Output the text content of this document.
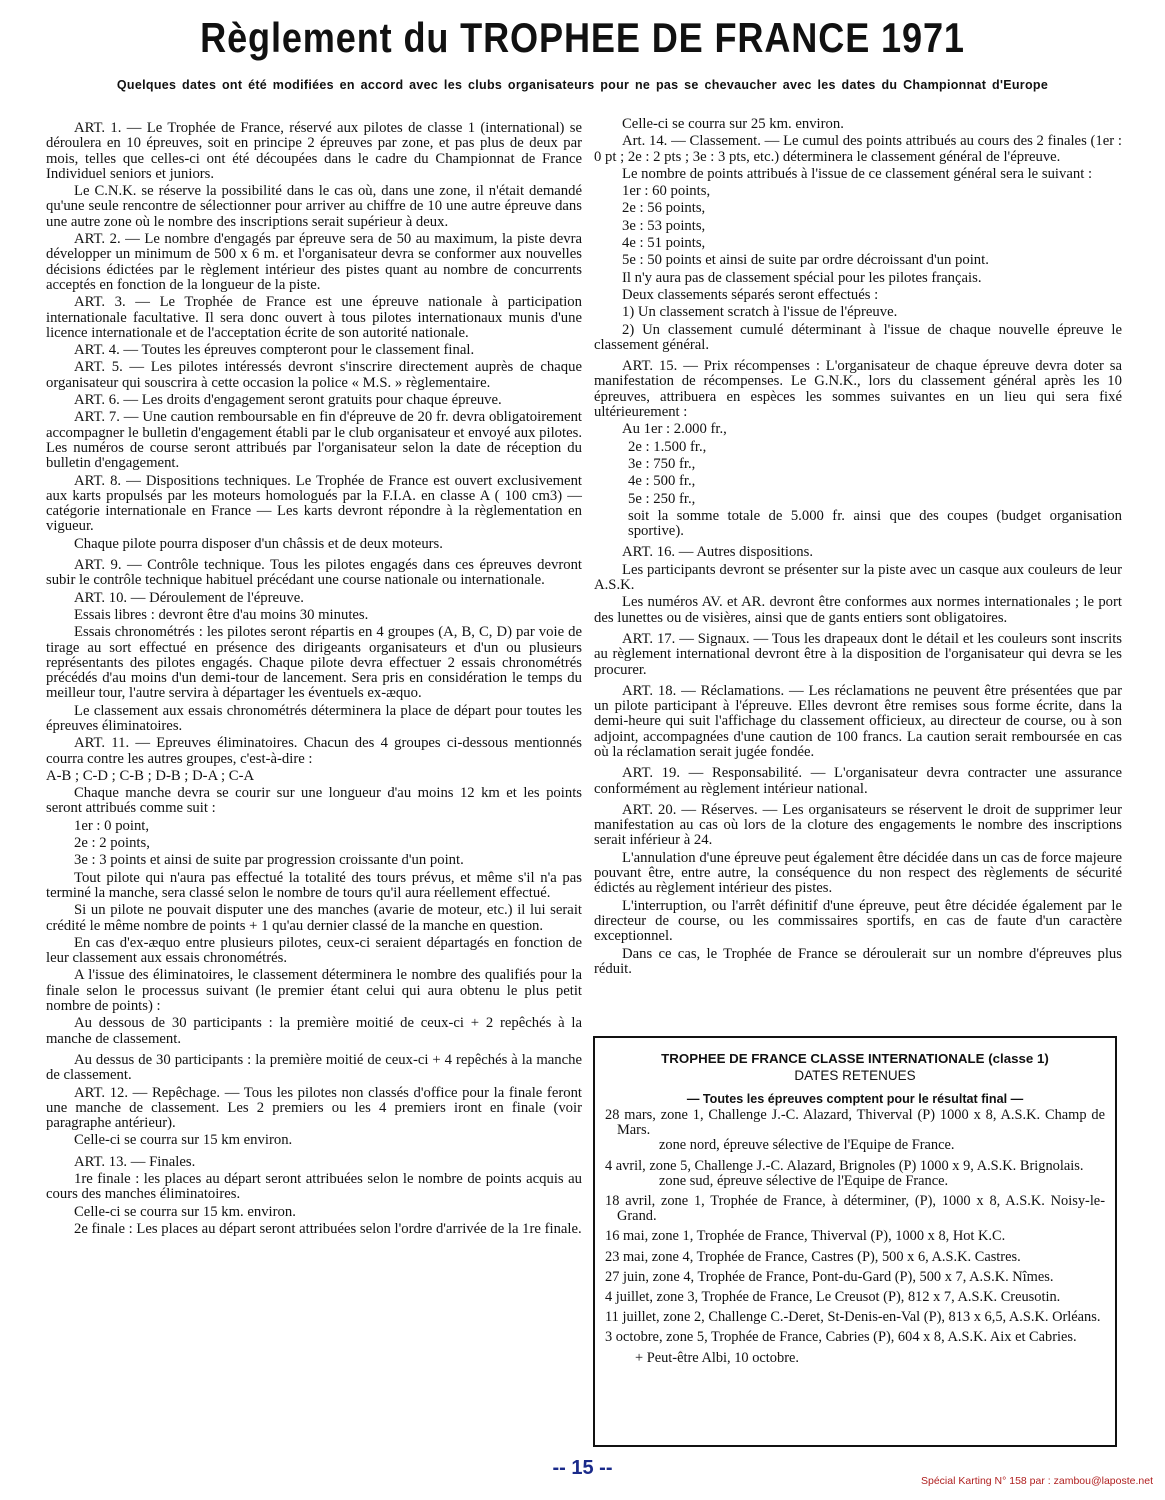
Règlement du TROPHEE DE FRANCE 1971

Quelques dates ont été modifiées en accord avec les clubs organisateurs pour ne pas se chevaucher avec les dates du Championnat d'Europe

ART. 1. — Le Trophée de France, réservé aux pilotes de classe 1 (international) se déroulera en 10 épreuves, soit en principe 2 épreuves par zone, et pas plus de deux par mois, telles que celles-ci ont été découpées dans le cadre du Championnat de France Individuel seniors et juniors.

Le C.N.K. se réserve la possibilité dans le cas où, dans une zone, il n'était demandé qu'une seule rencontre de sélectionner pour arriver au chiffre de 10 une autre épreuve dans une autre zone où le nombre des inscriptions serait supérieur à deux.

ART. 2. — Le nombre d'engagés par épreuve sera de 50 au maximum, la piste devra développer un minimum de 500 x 6 m. et l'organisateur devra se conformer aux nouvelles décisions édictées par le règlement intérieur des pistes quant au nombre de concurrents acceptés en fonction de la longueur de la piste.

ART. 3. — Le Trophée de France est une épreuve nationale à participation internationale facultative. Il sera donc ouvert à tous pilotes internationaux munis d'une licence internationale et de l'acceptation écrite de son autorité nationale.

ART. 4. — Toutes les épreuves compteront pour le classement final.

ART. 5. — Les pilotes intéressés devront s'inscrire directement auprès de chaque organisateur qui souscrira à cette occasion la police « M.S. » règlementaire.

ART. 6. — Les droits d'engagement seront gratuits pour chaque épreuve.

ART. 7. — Une caution remboursable en fin d'épreuve de 20 fr. devra obligatoirement accompagner le bulletin d'engagement établi par le club organisateur et envoyé aux pilotes. Les numéros de course seront attribués par l'organisateur selon la date de réception du bulletin d'engagement.

ART. 8. — Dispositions techniques. Le Trophée de France est ouvert exclusivement aux karts propulsés par les moteurs homologués par la F.I.A. en classe A ( 100 cm3) — catégorie internationale en France — Les karts devront répondre à la règlementation en vigueur.

Chaque pilote pourra disposer d'un châssis et de deux moteurs.

ART. 9. — Contrôle technique. Tous les pilotes engagés dans ces épreuves devront subir le contrôle technique habituel précédant une course nationale ou internationale.

ART. 10. — Déroulement de l'épreuve.

Essais libres : devront être d'au moins 30 minutes.

Essais chronométrés : les pilotes seront répartis en 4 groupes (A, B, C, D) par voie de tirage au sort effectué en présence des dirigeants organisateurs et d'un ou plusieurs représentants des pilotes engagés. Chaque pilote devra effectuer 2 essais chronométrés précédés d'au moins d'un demi-tour de lancement. Sera pris en considération le temps du meilleur tour, l'autre servira à départager les éventuels ex-æquo.

Le classement aux essais chronométrés déterminera la place de départ pour toutes les épreuves éliminatoires.

ART. 11. — Epreuves éliminatoires. Chacun des 4 groupes ci-dessous mentionnés courra contre les autres groupes, c'est-à-dire :

A-B ; C-D ; C-B ; D-B ; D-A ; C-A

Chaque manche devra se courir sur une longueur d'au moins 12 km et les points seront attribués comme suit :

1er : 0 point,

2e : 2 points,

3e : 3 points et ainsi de suite par progression croissante d'un point.

Tout pilote qui n'aura pas effectué la totalité des tours prévus, et même s'il n'a pas terminé la manche, sera classé selon le nombre de tours qu'il aura réellement effectué.

Si un pilote ne pouvait disputer une des manches (avarie de moteur, etc.) il lui serait crédité le même nombre de points + 1 qu'au dernier classé de la manche en question.

En cas d'ex-æquo entre plusieurs pilotes, ceux-ci seraient départagés en fonction de leur classement aux essais chronométrés.

A l'issue des éliminatoires, le classement déterminera le nombre des qualifiés pour la finale selon le processus suivant (le premier étant celui qui aura obtenu le plus petit nombre de points) :

Au dessous de 30 participants : la première moitié de ceux-ci + 2 repêchés à la manche de classement.

Au dessus de 30 participants : la première moitié de ceux-ci + 4 repêchés à la manche de classement.

ART. 12. — Repêchage. — Tous les pilotes non classés d'office pour la finale feront une manche de classement. Les 2 premiers ou les 4 premiers iront en finale (voir paragraphe antérieur).

Celle-ci se courra sur 15 km environ.

ART. 13. — Finales.

1re finale : les places au départ seront attribuées selon le nombre de points acquis au cours des manches éliminatoires.

Celle-ci se courra sur 15 km. environ.

2e finale : Les places au départ seront attribuées selon l'ordre d'arrivée de la 1re finale.

Celle-ci se courra sur 25 km. environ.

Art. 14. — Classement. — Le cumul des points attribués au cours des 2 finales (1er : 0 pt ; 2e : 2 pts ; 3e : 3 pts, etc.) déterminera le classement général de l'épreuve.

Le nombre de points attribués à l'issue de ce classement général sera le suivant :

1er : 60 points,

2e : 56 points,

3e : 53 points,

4e : 51 points,

5e : 50 points et ainsi de suite par ordre décroissant d'un point.

Il n'y aura pas de classement spécial pour les pilotes français.

Deux classements séparés seront effectués :

1) Un classement scratch à l'issue de l'épreuve.

2) Un classement cumulé déterminant à l'issue de chaque nouvelle épreuve le classement général.

ART. 15. — Prix récompenses : L'organisateur de chaque épreuve devra doter sa manifestation de récompenses. Le G.N.K., lors du classement général après les 10 épreuves, attribuera en espèces les sommes suivantes en un lieu qui sera fixé ultérieurement :

Au 1er : 2.000 fr.,

2e : 1.500 fr.,

3e : 750 fr.,

4e : 500 fr.,

5e : 250 fr.,

soit la somme totale de 5.000 fr. ainsi que des coupes (budget organisation sportive).

ART. 16. — Autres dispositions.

Les participants devront se présenter sur la piste avec un casque aux couleurs de leur A.S.K.

Les numéros AV. et AR. devront être conformes aux normes internationales ; le port des lunettes ou de visières, ainsi que de gants entiers sont obligatoires.

ART. 17. — Signaux. — Tous les drapeaux dont le détail et les couleurs sont inscrits au règlement international devront être à la disposition de l'organisateur qui devra se les procurer.

ART. 18. — Réclamations. — Les réclamations ne peuvent être présentées que par un pilote participant à l'épreuve. Elles devront être remises sous forme écrite, dans la demi-heure qui suit l'affichage du classement officieux, au directeur de course, ou à son adjoint, accompagnées d'une caution de 100 francs. La caution serait remboursée en cas où la réclamation serait jugée fondée.

ART. 19. — Responsabilité. — L'organisateur devra contracter une assurance conformément au règlement intérieur national.

ART. 20. — Réserves. — Les organisateurs se réservent le droit de supprimer leur manifestation au cas où lors de la cloture des engagements le nombre des inscriptions serait inférieur à 24.

L'annulation d'une épreuve peut également être décidée dans un cas de force majeure pouvant être, entre autre, la conséquence du non respect des règlements de sécurité édictés au règlement intérieur des pistes.

L'interruption, ou l'arrêt définitif d'une épreuve, peut être décidée également par le directeur de course, ou les commissaires sportifs, en cas de faute d'un caractère exceptionnel.

Dans ce cas, le Trophée de France se déroulerait sur un nombre d'épreuves plus réduit.

TROPHEE DE FRANCE CLASSE INTERNATIONALE (classe 1)

DATES RETENUES

— Toutes les épreuves comptent pour le résultat final —

28 mars, zone 1, Challenge J.-C. Alazard, Thiverval (P) 1000 x 8, A.S.K. Champ de Mars.
zone nord, épreuve sélective de l'Equipe de France.

4 avril, zone 5, Challenge J.-C. Alazard, Brignoles (P) 1000 x 9, A.S.K. Brignolais.
zone sud, épreuve sélective de l'Equipe de France.

18 avril, zone 1, Trophée de France, à déterminer, (P), 1000 x 8, A.S.K. Noisy-le-Grand.

16 mai, zone 1, Trophée de France, Thiverval (P), 1000 x 8, Hot K.C.

23 mai, zone 4, Trophée de France, Castres (P), 500 x 6, A.S.K. Castres.

27 juin, zone 4, Trophée de France, Pont-du-Gard (P), 500 x 7, A.S.K. Nîmes.

4 juillet, zone 3, Trophée de France, Le Creusot (P), 812 x 7, A.S.K. Creusotin.

11 juillet, zone 2, Challenge C.-Deret, St-Denis-en-Val (P), 813 x 6,5, A.S.K. Orléans.

3 octobre, zone 5, Trophée de France, Cabries (P), 604 x 8, A.S.K. Aix et Cabries.

+ Peut-être Albi, 10 octobre.

-- 15 --

Spécial Karting N° 158 par : zambou@laposte.net
